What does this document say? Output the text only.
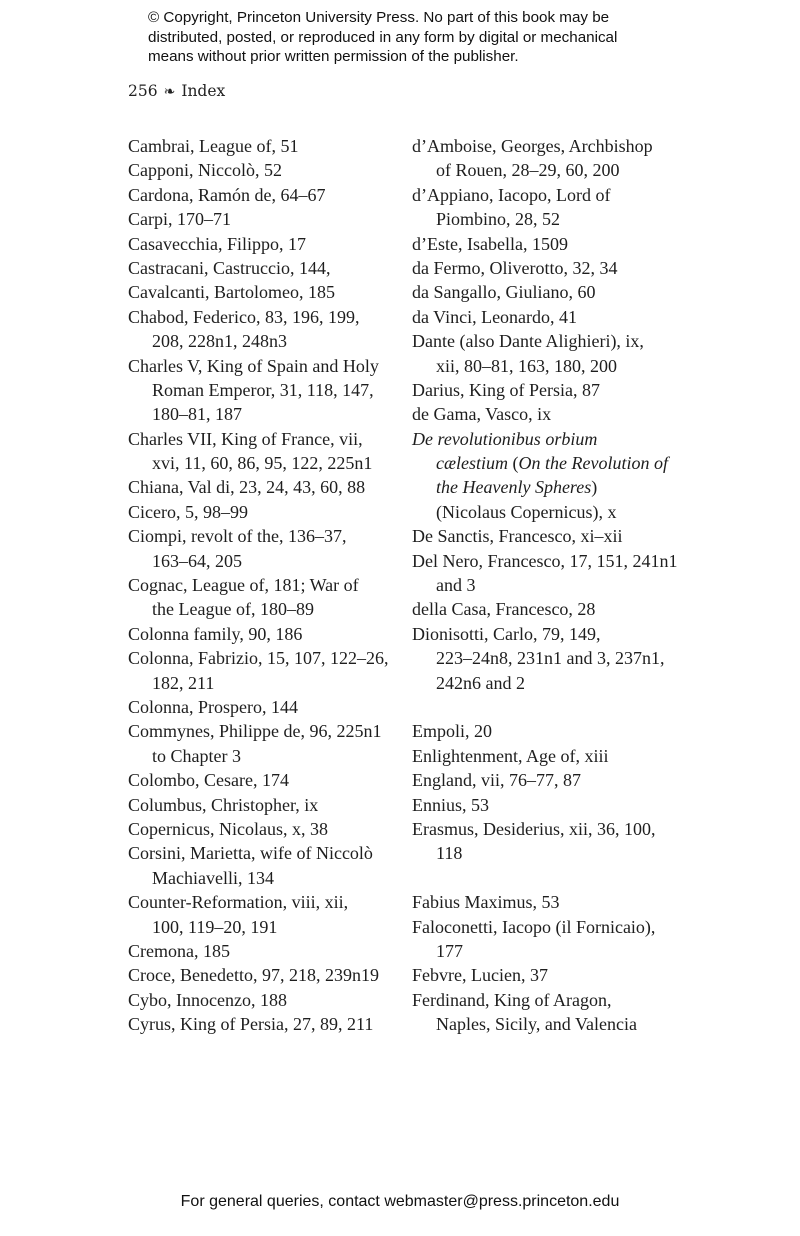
© Copyright, Princeton University Press. No part of this book may be
distributed, posted, or reproduced in any form by digital or mechanical
means without prior written permission of the publisher.
256 ❧ Index
Cambrai, League of, 51
Capponi, Niccolò, 52
Cardona, Ramón de, 64–67
Carpi, 170–71
Casavecchia, Filippo, 17
Castracani, Castruccio, 144,
Cavalcanti, Bartolomeo, 185
Chabod, Federico, 83, 196, 199,
208, 228n1, 248n3
Charles V, King of Spain and Holy
Roman Emperor, 31, 118, 147,
180–81, 187
Charles VII, King of France, vii,
xvi, 11, 60, 86, 95, 122, 225n1
Chiana, Val di, 23, 24, 43, 60, 88
Cicero, 5, 98–99
Ciompi, revolt of the, 136–37,
163–64, 205
Cognac, League of, 181; War of
the League of, 180–89
Colonna family, 90, 186
Colonna, Fabrizio, 15, 107, 122–26,
182, 211
Colonna, Prospero, 144
Commynes, Philippe de, 96, 225n1
to Chapter 3
Colombo, Cesare, 174
Columbus, Christopher, ix
Copernicus, Nicolaus, x, 38
Corsini, Marietta, wife of Niccolò
Machiavelli, 134
Counter-Reformation, viii, xii,
100, 119–20, 191
Cremona, 185
Croce, Benedetto, 97, 218, 239n19
Cybo, Innocenzo, 188
Cyrus, King of Persia, 27, 89, 211
d’Amboise, Georges, Archbishop
of Rouen, 28–29, 60, 200
d’Appiano, Iacopo, Lord of
Piombino, 28, 52
d’Este, Isabella, 1509
da Fermo, Oliverotto, 32, 34
da Sangallo, Giuliano, 60
da Vinci, Leonardo, 41
Dante (also Dante Alighieri), ix,
xii, 80–81, 163, 180, 200
Darius, King of Persia, 87
de Gama, Vasco, ix
De revolutionibus orbium
cælestium (On the Revolution of
the Heavenly Spheres)
(Nicolaus Copernicus), x
De Sanctis, Francesco, xi–xii
Del Nero, Francesco, 17, 151, 241n1
and 3
della Casa, Francesco, 28
Dionisotti, Carlo, 79, 149,
223–24n8, 231n1 and 3, 237n1,
242n6 and 2
Empoli, 20
Enlightenment, Age of, xiii
England, vii, 76–77, 87
Ennius, 53
Erasmus, Desiderius, xii, 36, 100,
118
Fabius Maximus, 53
Faloconetti, Iacopo (il Fornicaio),
177
Febvre, Lucien, 37
Ferdinand, King of Aragon,
Naples, Sicily, and Valencia
For general queries, contact webmaster@press.princeton.edu
